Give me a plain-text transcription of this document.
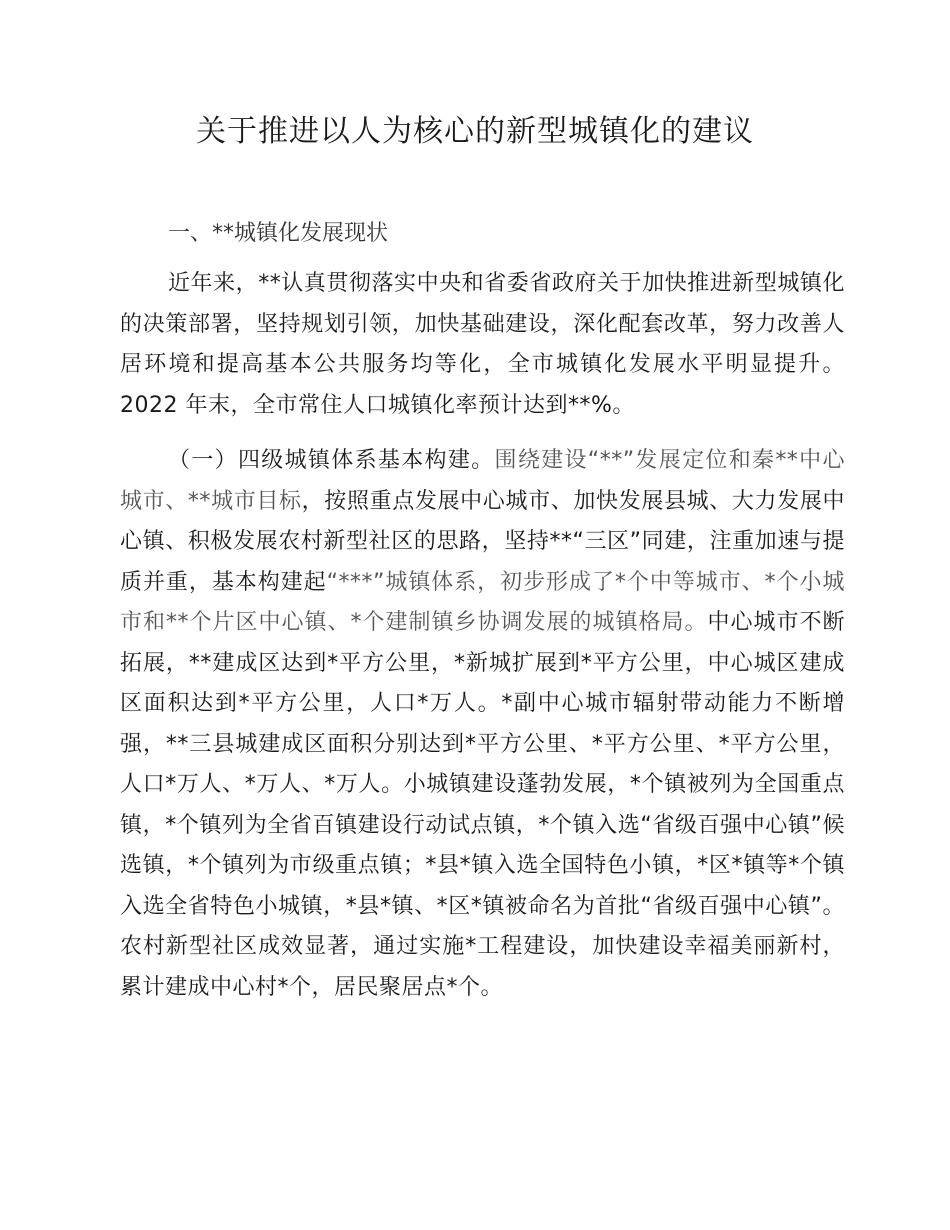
关于推进以人为核心的新型城镇化的建议
一、**城镇化发展现状

近年来，**认真贯彻落实中央和省委省政府关于加快推进新型城镇化的决策部署，坚持规划引领，加快基础建设，深化配套改革，努力改善人居环境和提高基本公共服务均等化，全市城镇化发展水平明显提升。2022 年末，全市常住人口城镇化率预计达到**%。

（一）四级城镇体系基本构建。围绕建设“**”发展定位和秦**中心城市、**城市目标，按照重点发展中心城市、加快发展县城、大力发展中心镇、积极发展农村新型社区的思路，坚持**“三区”同建，注重加速与提质并重，基本构建起“***”城镇体系，初步形成了*个中等城市、*个小城市和**个片区中心镇、*个建制镇乡协调发展的城镇格局。中心城市不断拓展，**建成区达到*平方公里，*新城扩展到*平方公里，中心城区建成区面积达到*平方公里，人口*万人。*副中心城市辐射带动能力不断增强，**三县城建成区面积分别达到*平方公里、*平方公里、*平方公里，人口*万人、*万人、*万人。小城镇建设蓬勃发展，*个镇被列为全国重点镇，*个镇列为全省百镇建设行动试点镇，*个镇入选“省级百强中心镇”候选镇，*个镇列为市级重点镇；*县*镇入选全国特色小镇，*区*镇等*个镇入选全省特色小城镇，*县*镇、*区*镇被命名为首批“省级百强中心镇”。农村新型社区成效显著，通过实施*工程建设，加快建设幸福美丽新村，累计建成中心村*个，居民聚居点*个。
